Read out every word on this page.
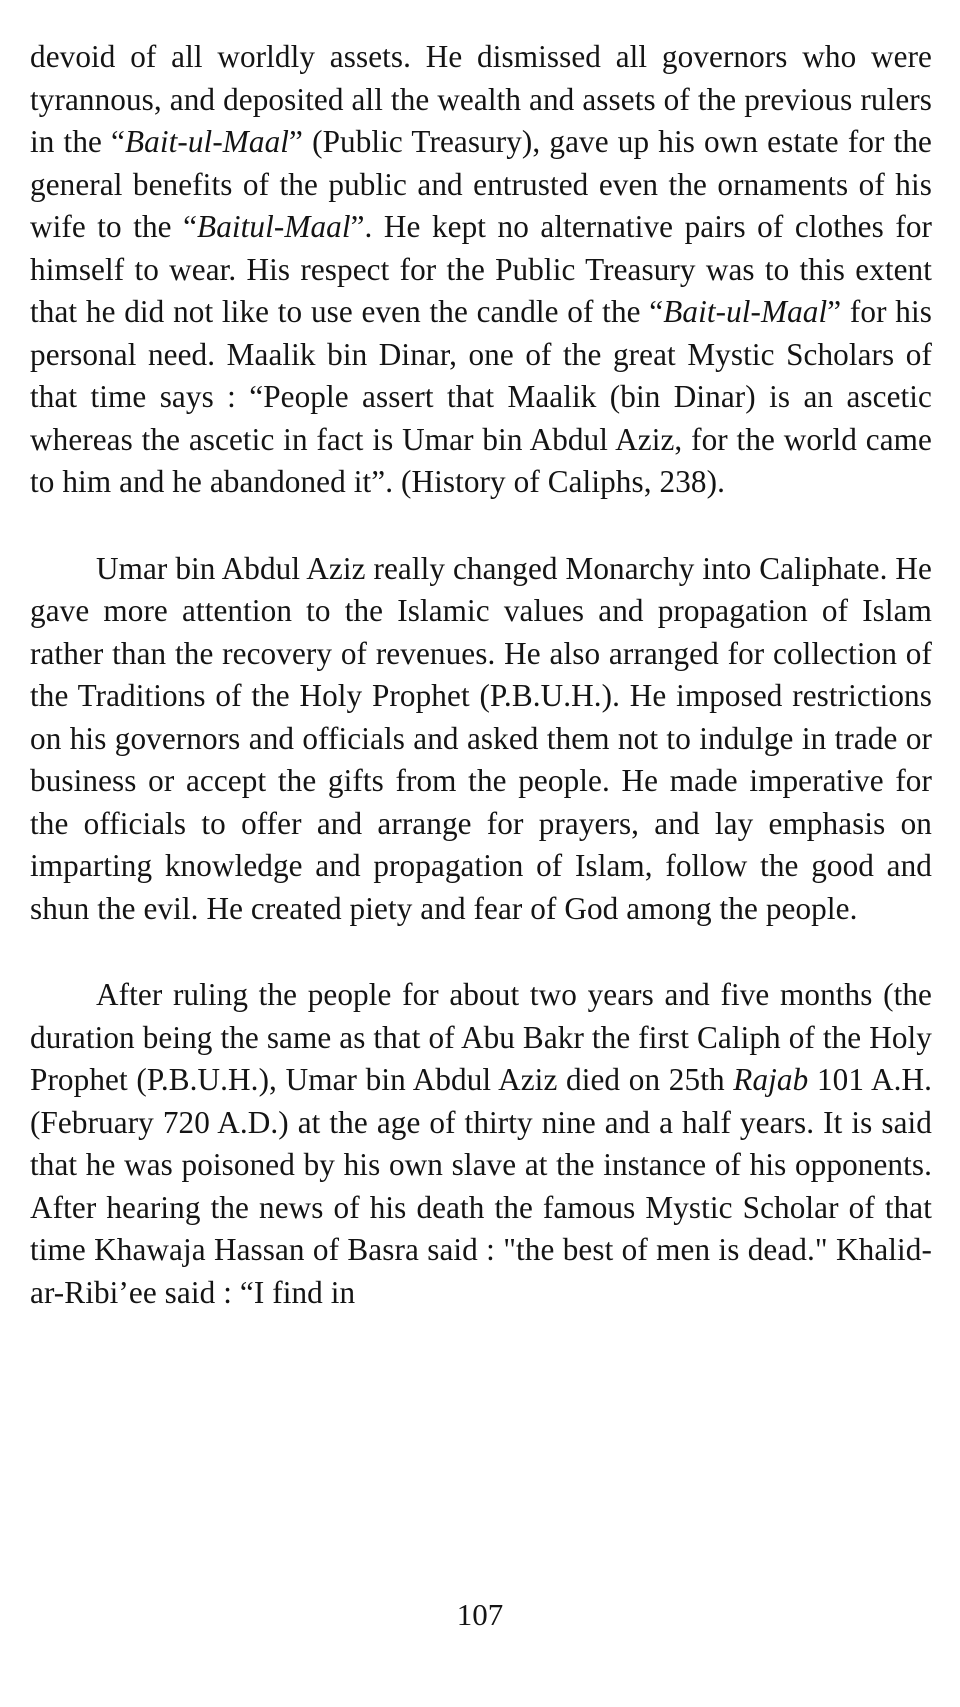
devoid of all worldly assets. He dismissed all governors who were tyrannous, and deposited all the wealth and assets of the previous rulers in the “Bait-ul-Maal” (Public Treasury), gave up his own estate for the general benefits of the public and entrusted even the ornaments of his wife to the “Baitul-Maal”. He kept no alternative pairs of clothes for himself to wear. His respect for the Public Treasury was to this extent that he did not like to use even the candle of the “Bait-ul-Maal” for his personal need. Maalik bin Dinar, one of the great Mystic Scholars of that time says : “People assert that Maalik (bin Dinar) is an ascetic whereas the ascetic in fact is Umar bin Abdul Aziz, for the world came to him and he abandoned it”. (History of Caliphs, 238).

Umar bin Abdul Aziz really changed Monarchy into Caliphate. He gave more attention to the Islamic values and propagation of Islam rather than the recovery of revenues. He also arranged for collection of the Traditions of the Holy Prophet (P.B.U.H.). He imposed restrictions on his governors and officials and asked them not to indulge in trade or business or accept the gifts from the people. He made imperative for the officials to offer and arrange for prayers, and lay emphasis on imparting knowledge and propagation of Islam, follow the good and shun the evil. He created piety and fear of God among the people.

After ruling the people for about two years and five months (the duration being the same as that of Abu Bakr the first Caliph of the Holy Prophet (P.B.U.H.), Umar bin Abdul Aziz died on 25th Rajab 101 A.H. (February 720 A.D.) at the age of thirty nine and a half years. It is said that he was poisoned by his own slave at the instance of his opponents. After hearing the news of his death the famous Mystic Scholar of that time Khawaja Hassan of Basra said : "the best of men is dead." Khalid-ar-Ribi’ee said : “I find in

107
